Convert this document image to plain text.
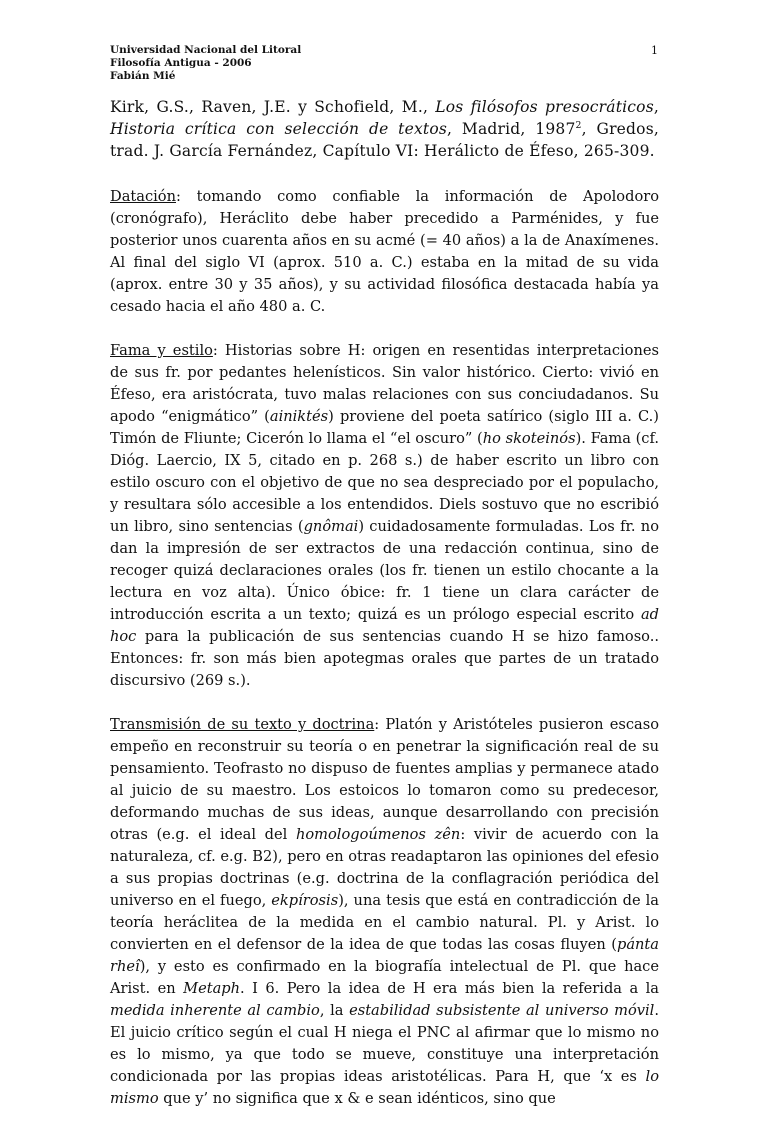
Universidad Nacional del Litoral
Filosofía Antigua - 2006
Fabián Mié
1
Kirk, G.S., Raven, J.E. y Schofield, M., Los filósofos presocráticos, Historia crítica con selección de textos, Madrid, 1987$^2$, Gredos, trad. J. García Fernández, Capítulo VI: Herálicto de Éfeso, 265-309.

Datación: tomando como confiable la información de Apolodoro (cronógrafo), Heráclito debe haber precedido a Parménides, y fue posterior unos cuarenta años en su acmé (= 40 años) a la de Anaxímenes. Al final del siglo VI (aprox. 510 a. C.) estaba en la mitad de su vida (aprox. entre 30 y 35 años), y su actividad filosófica destacada había ya cesado hacia el año 480 a. C.

Fama y estilo: Historias sobre H: origen en resentidas interpretaciones de sus fr. por pedantes helenísticos. Sin valor histórico. Cierto: vivió en Éfeso, era aristócrata, tuvo malas relaciones con sus conciudadanos. Su apodo “enigmático” (ainiktés) proviene del poeta satírico (siglo III a. C.) Timón de Fliunte; Cicerón lo llama el “el oscuro” (ho skoteinós). Fama (cf. Dióg. Laercio, IX 5, citado en p. 268 s.) de haber escrito un libro con estilo oscuro con el objetivo de que no sea despreciado por el populacho, y resultara sólo accesible a los entendidos. Diels sostuvo que no escribió un libro, sino sentencias (gnômai) cuidadosamente formuladas. Los fr. no dan la impresión de ser extractos de una redacción continua, sino de recoger quizá declaraciones orales (los fr. tienen un estilo chocante a la lectura en voz alta). Único óbice: fr. 1 tiene un clara carácter de introducción escrita a un texto; quizá es un prólogo especial escrito ad hoc para la publicación de sus sentencias cuando H se hizo famoso.. Entonces: fr. son más bien apotegmas orales que partes de un tratado discursivo (269 s.).

Transmisión de su texto y doctrina: Platón y Aristóteles pusieron escaso empeño en reconstruir su teoría o en penetrar la significación real de su pensamiento. Teofrasto no dispuso de fuentes amplias y permanece atado al juicio de su maestro. Los estoicos lo tomaron como su predecesor, deformando muchas de sus ideas, aunque desarrollando con precisión otras (e.g. el ideal del homologoúmenos zên: vivir de acuerdo con la naturaleza, cf. e.g. B2), pero en otras readaptaron las opiniones del efesio a sus propias doctrinas (e.g. doctrina de la conflagración periódica del universo en el fuego, ekpírosis), una tesis que está en contradicción de la teoría heráclitea de la medida en el cambio natural. Pl. y Arist. lo convierten en el defensor de la idea de que todas las cosas fluyen (pánta rheî), y esto es confirmado en la biografía intelectual de Pl. que hace Arist. en Metaph. I 6. Pero la idea de H era más bien la referida a la medida inherente al cambio, la estabilidad subsistente al universo móvil. El juicio crítico según el cual H niega el PNC al afirmar que lo mismo no es lo mismo, ya que todo se mueve, constituye una interpretación condicionada por las propias ideas aristotélicas. Para H, que ‘x es lo mismo que y’ no significa que x & e sean idénticos, sino que
